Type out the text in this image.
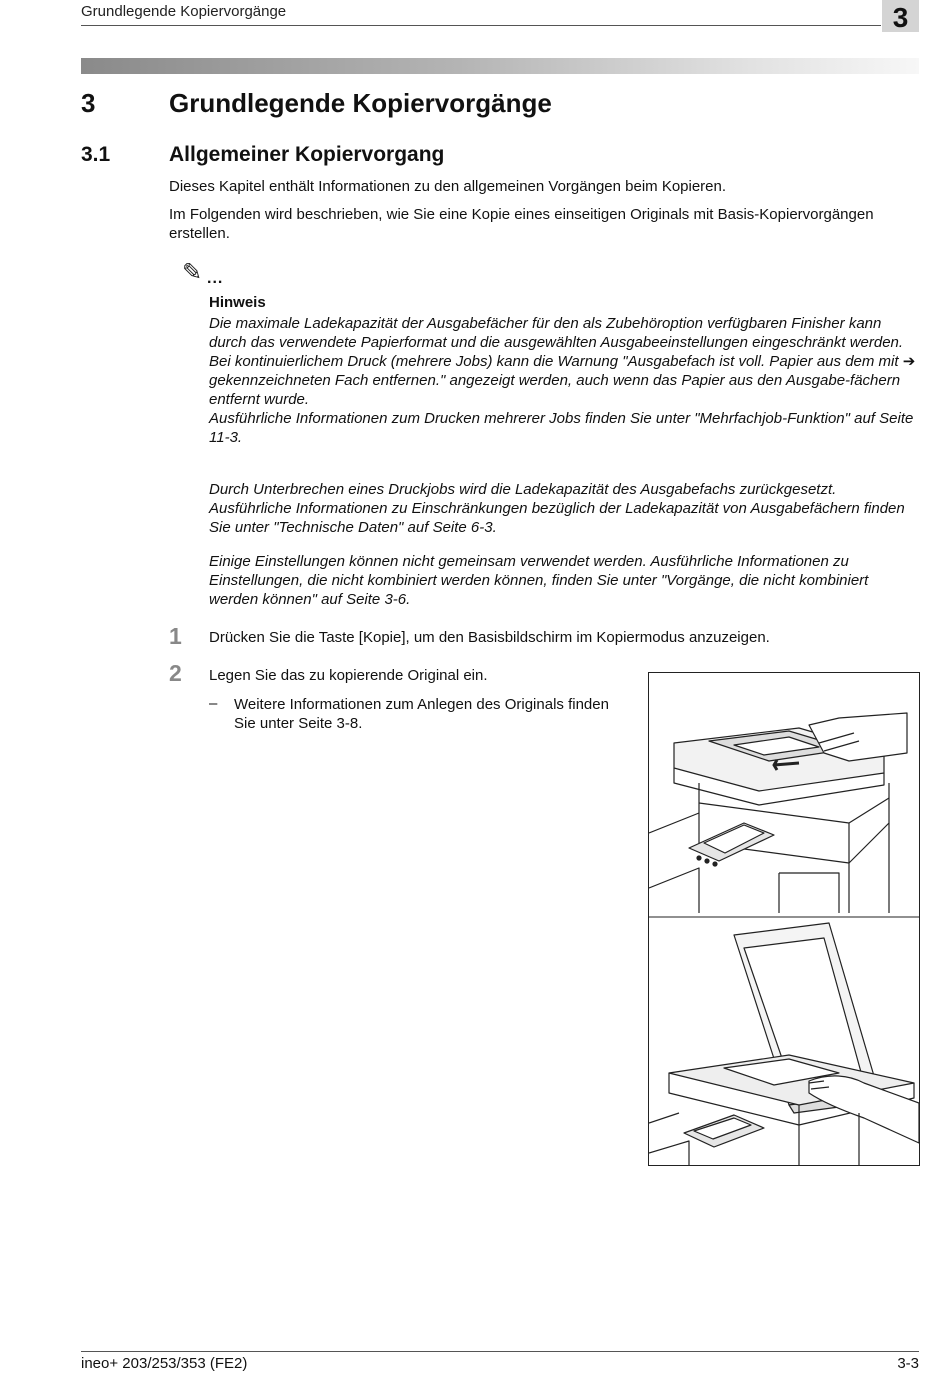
Grundlegende Kopiervorgänge	3
3	Grundlegende Kopiervorgänge
3.1	Allgemeiner Kopiervorgang
Dieses Kapitel enthält Informationen zu den allgemeinen Vorgängen beim Kopieren.
Im Folgenden wird beschrieben, wie Sie eine Kopie eines einseitigen Originals mit Basis-Kopiervorgängen erstellen.
✎ ...
Hinweis
Die maximale Ladekapazität der Ausgabefächer für den als Zubehöroption verfügbaren Finisher kann durch das verwendete Papierformat und die ausgewählten Ausgabeeinstellungen eingeschränkt werden.
Bei kontinuierlichem Druck (mehrere Jobs) kann die Warnung "Ausgabefach ist voll. Papier aus dem mit ➔ gekennzeichneten Fach entfernen." angezeigt werden, auch wenn das Papier aus den Ausgabe-fächern entfernt wurde.
Ausführliche Informationen zum Drucken mehrerer Jobs finden Sie unter "Mehrfachjob-Funktion" auf Seite 11-3.
Durch Unterbrechen eines Druckjobs wird die Ladekapazität des Ausgabefachs zurückgesetzt.
Ausführliche Informationen zu Einschränkungen bezüglich der Ladekapazität von Ausgabefächern finden Sie unter "Technische Daten" auf Seite 6-3.
Einige Einstellungen können nicht gemeinsam verwendet werden. Ausführliche Informationen zu Einstellungen, die nicht kombiniert werden können, finden Sie unter "Vorgänge, die nicht kombiniert werden können" auf Seite 3-6.
1 Drücken Sie die Taste [Kopie], um den Basisbildschirm im Kopiermodus anzuzeigen.
2 Legen Sie das zu kopierende Original ein.
– Weitere Informationen zum Anlegen des Originals finden Sie unter Seite 3-8.
ineo+ 203/253/353 (FE2)	3-3
